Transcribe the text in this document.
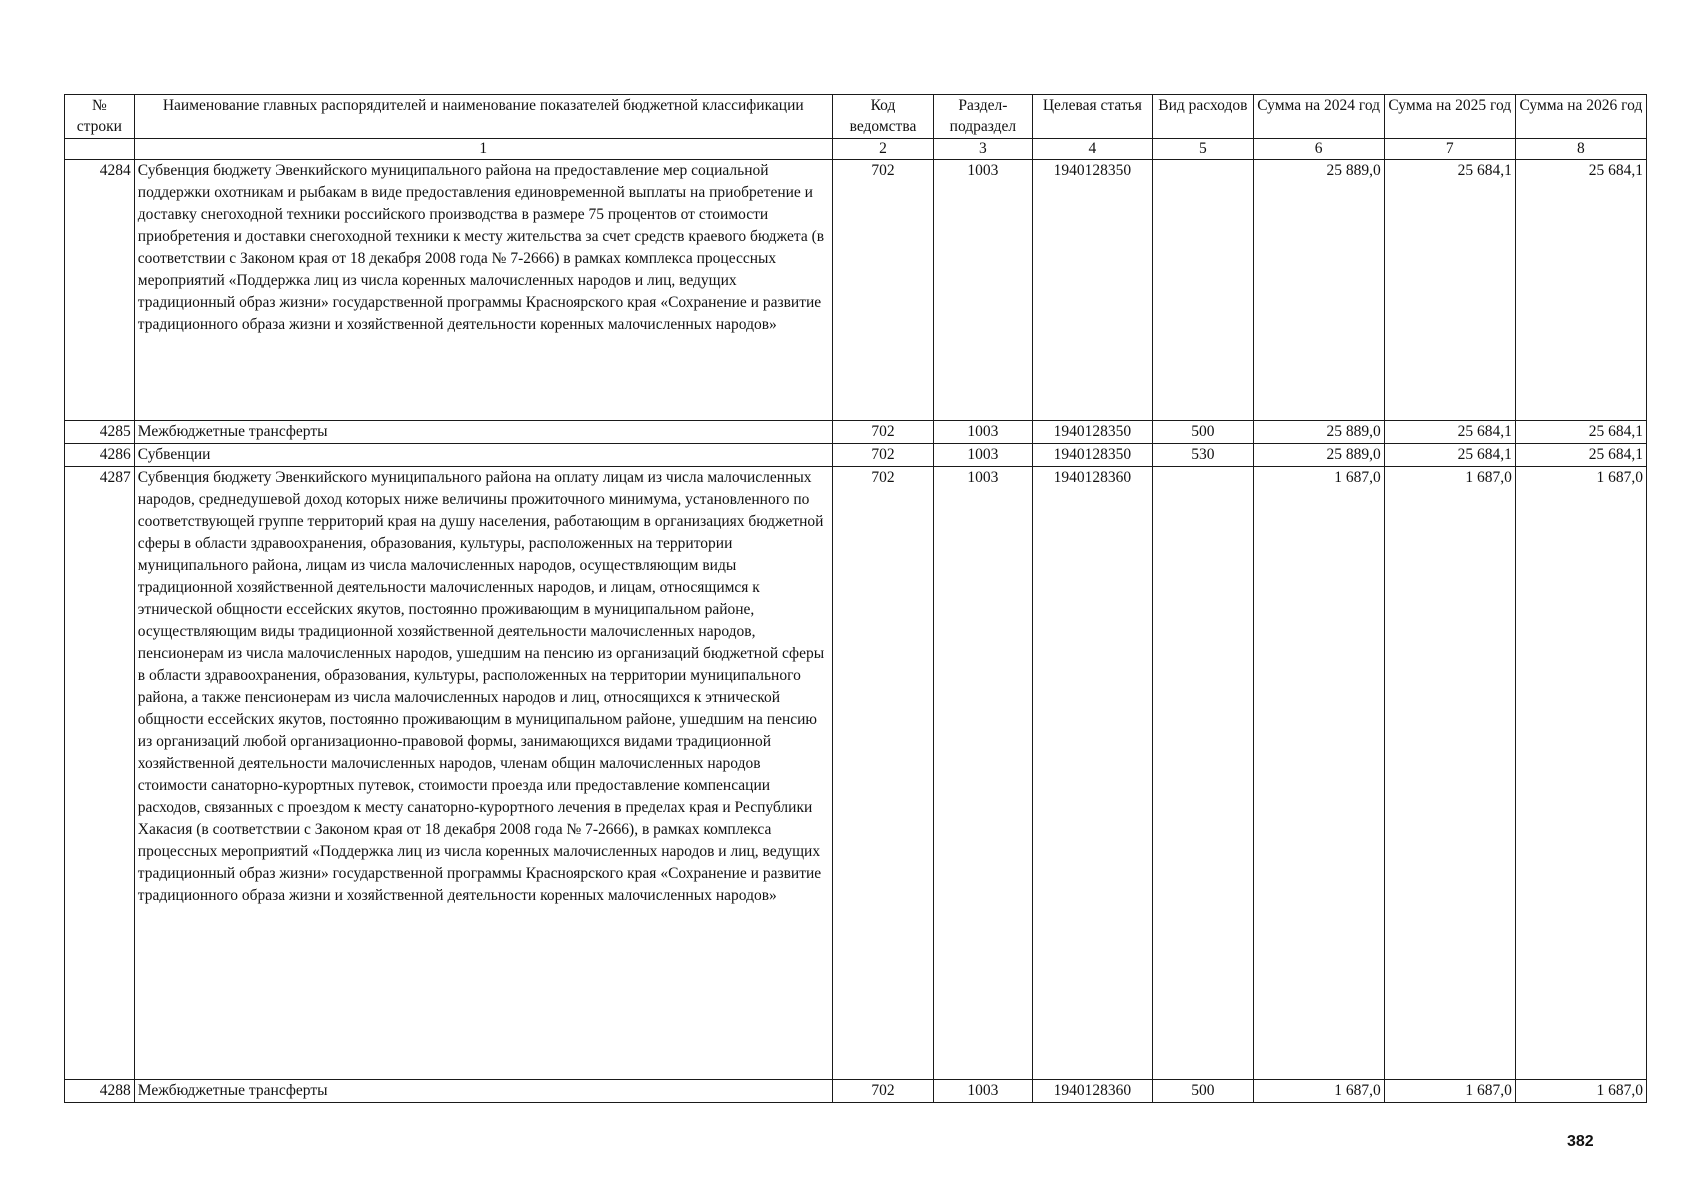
№ строки	Наименование главных распорядителей и наименование показателей бюджетной классификации	Код ведомства	Раздел-подраздел	Целевая статья	Вид расходов	Сумма на 2024 год	Сумма на 2025 год	Сумма на 2026 год
	1	2	3	4	5	6	7	8
4284	Субвенция бюджету Эвенкийского муниципального района на предоставление мер социальной поддержки охотникам и рыбакам в виде предоставления единовременной выплаты на приобретение и доставку снегоходной техники российского производства в размере 75 процентов от стоимости приобретения и доставки снегоходной техники к месту жительства за счет средств краевого бюджета (в соответствии с Законом края от 18 декабря 2008 года № 7-2666) в рамках комплекса процессных мероприятий «Поддержка лиц из числа коренных малочисленных народов и лиц, ведущих традиционный образ жизни» государственной программы Красноярского края «Сохранение и развитие традиционного образа жизни и хозяйственной деятельности коренных малочисленных народов»	702	1003	1940128350		25 889,0	25 684,1	25 684,1
4285	Межбюджетные трансферты	702	1003	1940128350	500	25 889,0	25 684,1	25 684,1
4286	Субвенции	702	1003	1940128350	530	25 889,0	25 684,1	25 684,1
4287	Субвенция бюджету Эвенкийского муниципального района на оплату лицам из числа малочисленных народов, среднедушевой доход которых ниже величины прожиточного минимума, установленного по соответствующей группе территорий края на душу населения, работающим в организациях бюджетной сферы в области здравоохранения, образования, культуры, расположенных на территории муниципального района, лицам из числа малочисленных народов, осуществляющим виды традиционной хозяйственной деятельности малочисленных народов, и лицам, относящимся к этнической общности ессейских якутов, постоянно проживающим в муниципальном районе, осуществляющим виды традиционной хозяйственной деятельности малочисленных народов, пенсионерам из числа малочисленных народов, ушедшим на пенсию из организаций бюджетной сферы в области здравоохранения, образования, культуры, расположенных на территории муниципального района, а также пенсионерам из числа малочисленных народов и лиц, относящихся к этнической общности ессейских якутов, постоянно проживающим в муниципальном районе, ушедшим на пенсию из организаций любой организационно-правовой формы, занимающихся видами традиционной хозяйственной деятельности малочисленных народов, членам общин малочисленных народов стоимости санаторно-курортных путевок, стоимости проезда или предоставление компенсации расходов, связанных с проездом к месту санаторно-курортного лечения в пределах края и Республики Хакасия (в соответствии с Законом края от 18 декабря 2008 года № 7-2666), в рамках комплекса процессных мероприятий «Поддержка лиц из числа коренных малочисленных народов и лиц, ведущих традиционный образ жизни» государственной программы Красноярского края «Сохранение и развитие традиционного образа жизни и хозяйственной деятельности коренных малочисленных народов»	702	1003	1940128360		1 687,0	1 687,0	1 687,0
4288	Межбюджетные трансферты	702	1003	1940128360	500	1 687,0	1 687,0	1 687,0
382
